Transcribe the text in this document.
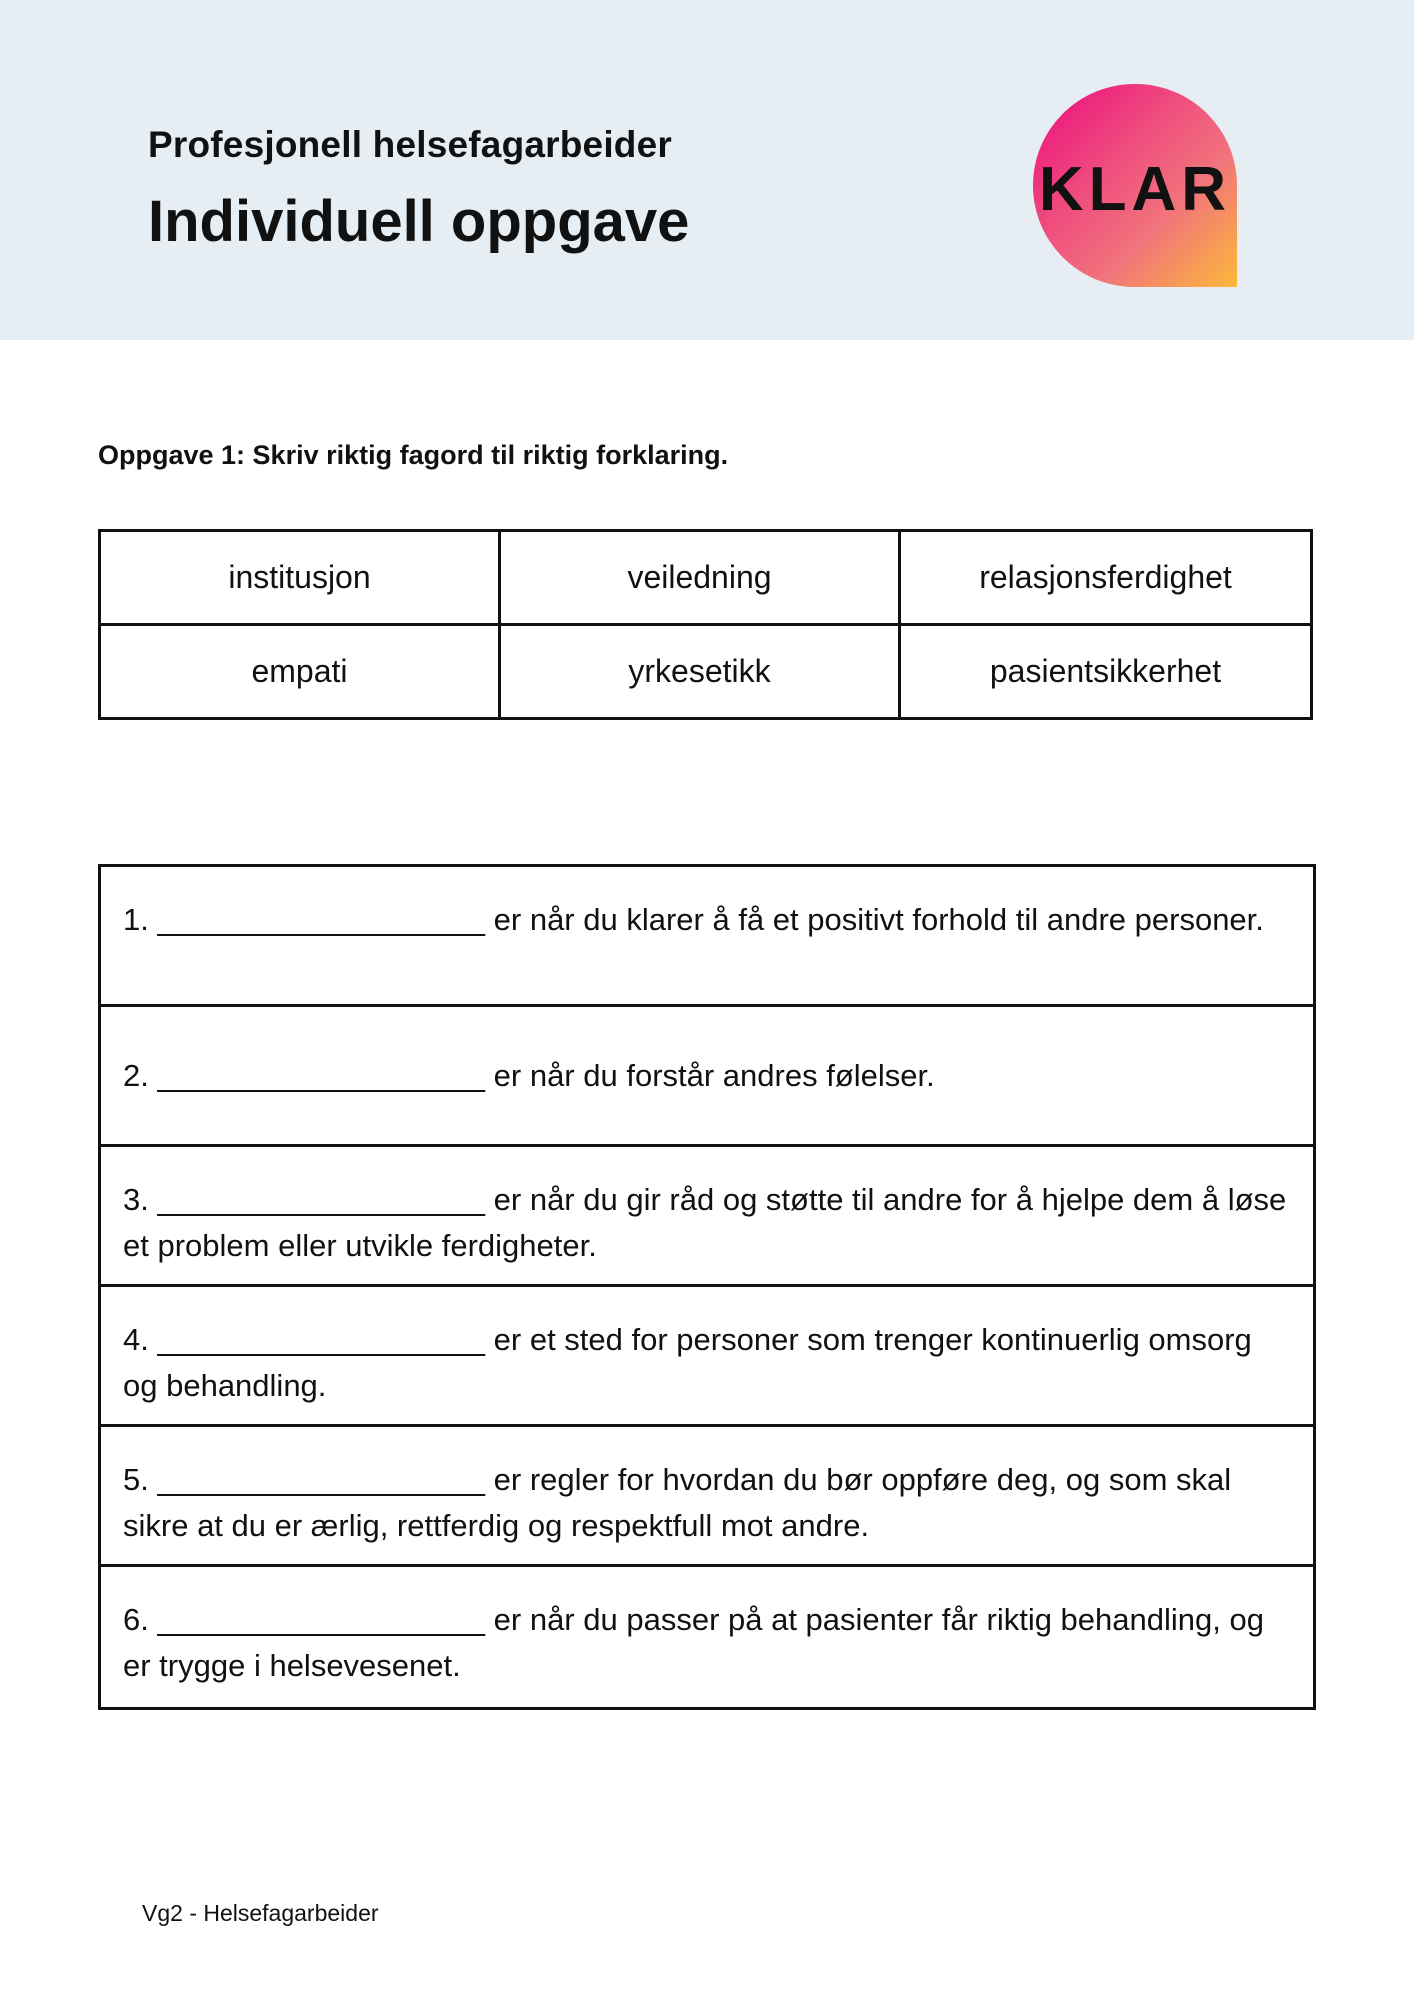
Profesjonell helsefagarbeider
Individuell oppgave	KLAR
Oppgave 1: Skriv riktig fagord til riktig forklaring.
institusjon	veiledning	relasjonsferdighet
empati	yrkesetikk	pasientsikkerhet
1. ___________________ er når du klarer å få et positivt forhold til andre personer.
2. ___________________ er når du forstår andres følelser.
3. ___________________ er når du gir råd og støtte til andre for å hjelpe dem å løse et problem eller utvikle ferdigheter.
4. ___________________ er et sted for personer som trenger kontinuerlig omsorg og behandling.
5. ___________________ er regler for hvordan du bør oppføre deg, og som skal sikre at du er ærlig, rettferdig og respektfull mot andre.
6. ___________________ er når du passer på at pasienter får riktig behandling, og er trygge i helsevesenet.
Vg2 - Helsefagarbeider
